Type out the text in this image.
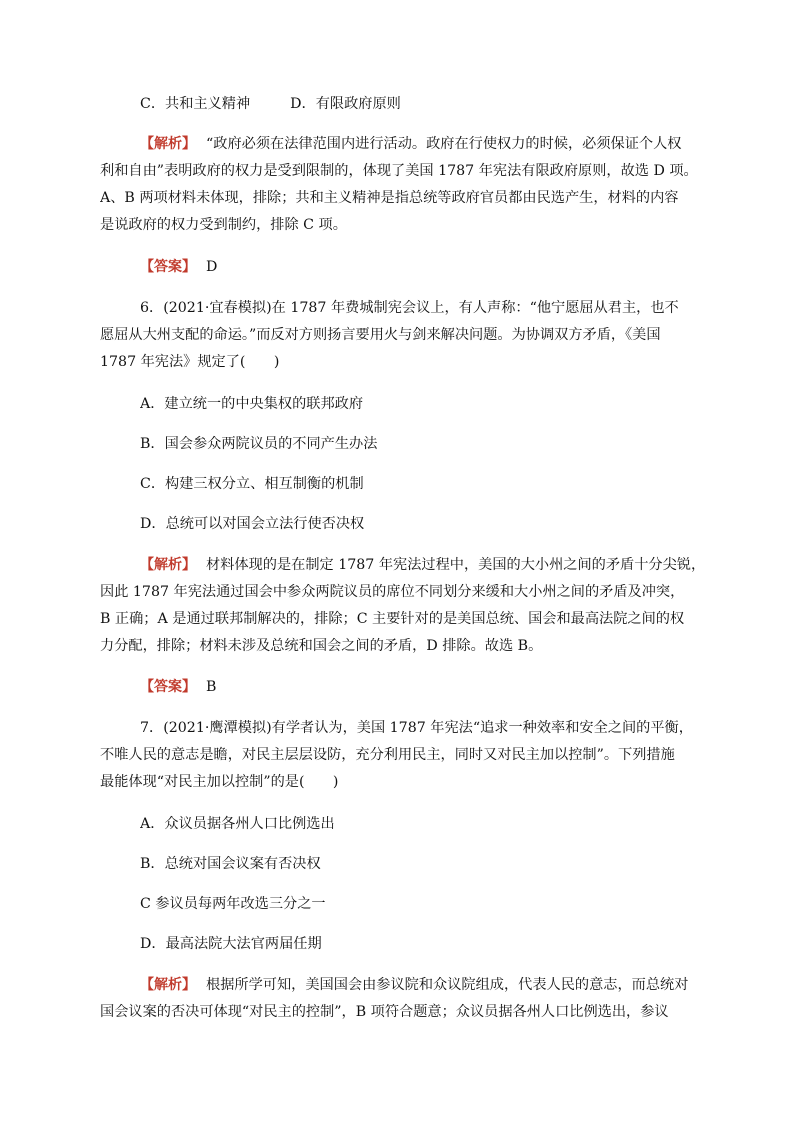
C．共和主义精神	D．有限政府原则
【解析】 “政府必须在法律范围内进行活动。政府在行使权力的时候，必须保证个人权
利和自由”表明政府的权力是受到限制的，体现了美国 1787 年宪法有限政府原则，故选 D 项。
A、B 两项材料未体现，排除；共和主义精神是指总统等政府官员都由民选产生，材料的内容
是说政府的权力受到制约，排除 C 项。
【答案】 D
6．(2021·宜春模拟)在 1787 年费城制宪会议上，有人声称：“他宁愿屈从君主，也不
愿屈从大州支配的命运。”而反对方则扬言要用火与剑来解决问题。为协调双方矛盾，《美国
1787 年宪法》规定了(　　)
A．建立统一的中央集权的联邦政府
B．国会参众两院议员的不同产生办法
C．构建三权分立、相互制衡的机制
D．总统可以对国会立法行使否决权
【解析】 材料体现的是在制定 1787 年宪法过程中，美国的大小州之间的矛盾十分尖锐，
因此 1787 年宪法通过国会中参众两院议员的席位不同划分来缓和大小州之间的矛盾及冲突，
B 正确；A 是通过联邦制解决的，排除；C 主要针对的是美国总统、国会和最高法院之间的权
力分配，排除；材料未涉及总统和国会之间的矛盾，D 排除。故选 B。
【答案】 B
7．(2021·鹰潭模拟)有学者认为，美国 1787 年宪法“追求一种效率和安全之间的平衡，
不唯人民的意志是瞻，对民主层层设防，充分利用民主，同时又对民主加以控制”。下列措施
最能体现“对民主加以控制”的是(　　)
A．众议员据各州人口比例选出
B．总统对国会议案有否决权
C 参议员每两年改选三分之一
D．最高法院大法官两届任期
【解析】 根据所学可知，美国国会由参议院和众议院组成，代表人民的意志，而总统对
国会议案的否决可体现“对民主的控制”，B 项符合题意；众议员据各州人口比例选出，参议
